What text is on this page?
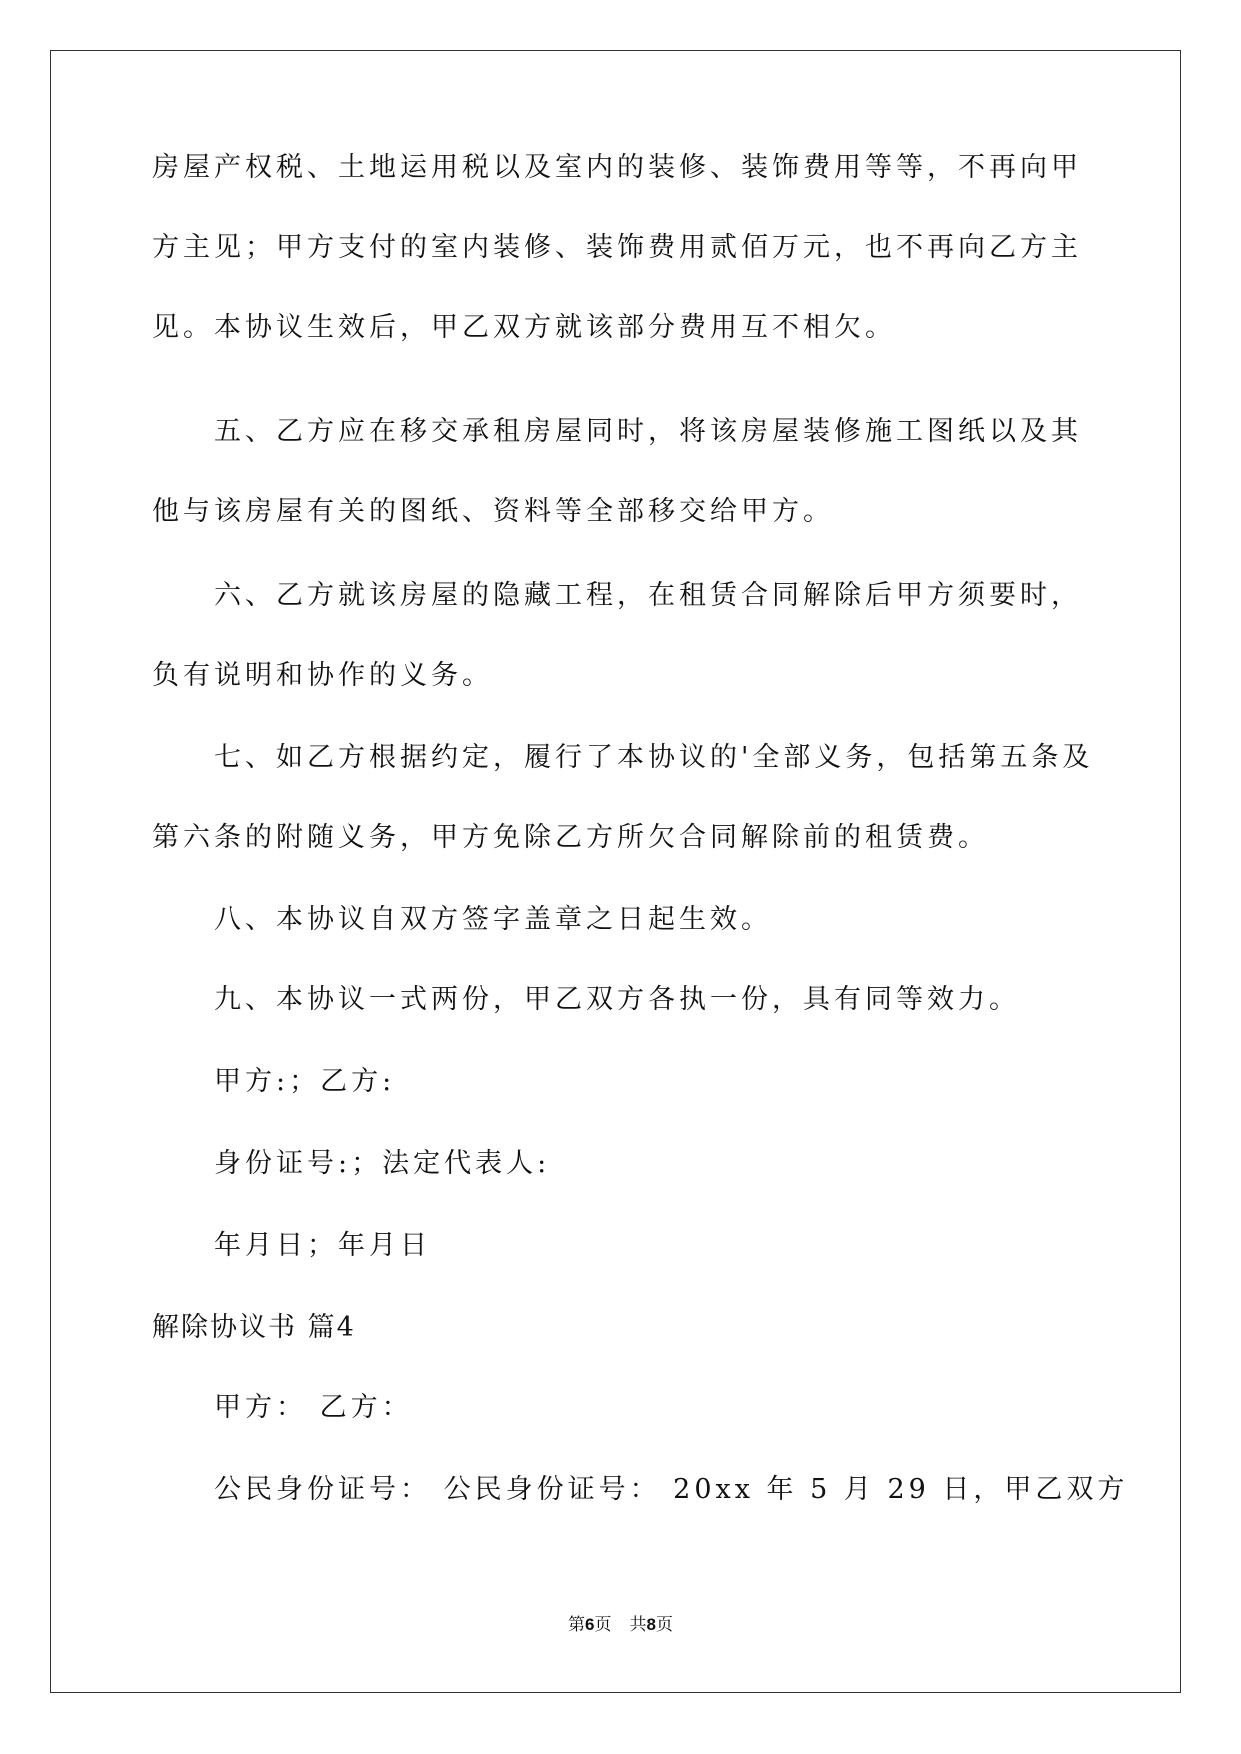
房屋产权税、土地运用税以及室内的装修、装饰费用等等，不再向甲
方主见；甲方支付的室内装修、装饰费用贰佰万元，也不再向乙方主
见。本协议生效后，甲乙双方就该部分费用互不相欠。
五、乙方应在移交承租房屋同时，将该房屋装修施工图纸以及其
他与该房屋有关的图纸、资料等全部移交给甲方。
六、乙方就该房屋的隐藏工程，在租赁合同解除后甲方须要时，
负有说明和协作的义务。
七、如乙方根据约定，履行了本协议的'全部义务，包括第五条及
第六条的附随义务，甲方免除乙方所欠合同解除前的租赁费。
八、本协议自双方签字盖章之日起生效。
九、本协议一式两份，甲乙双方各执一份，具有同等效力。
甲方:；乙方:
身份证号:；法定代表人:
年月日；年月日
解除协议书 篇4
甲方： 乙方：
公民身份证号： 公民身份证号： 20xx 年 5 月 29 日，甲乙双方
第6页 共8页
